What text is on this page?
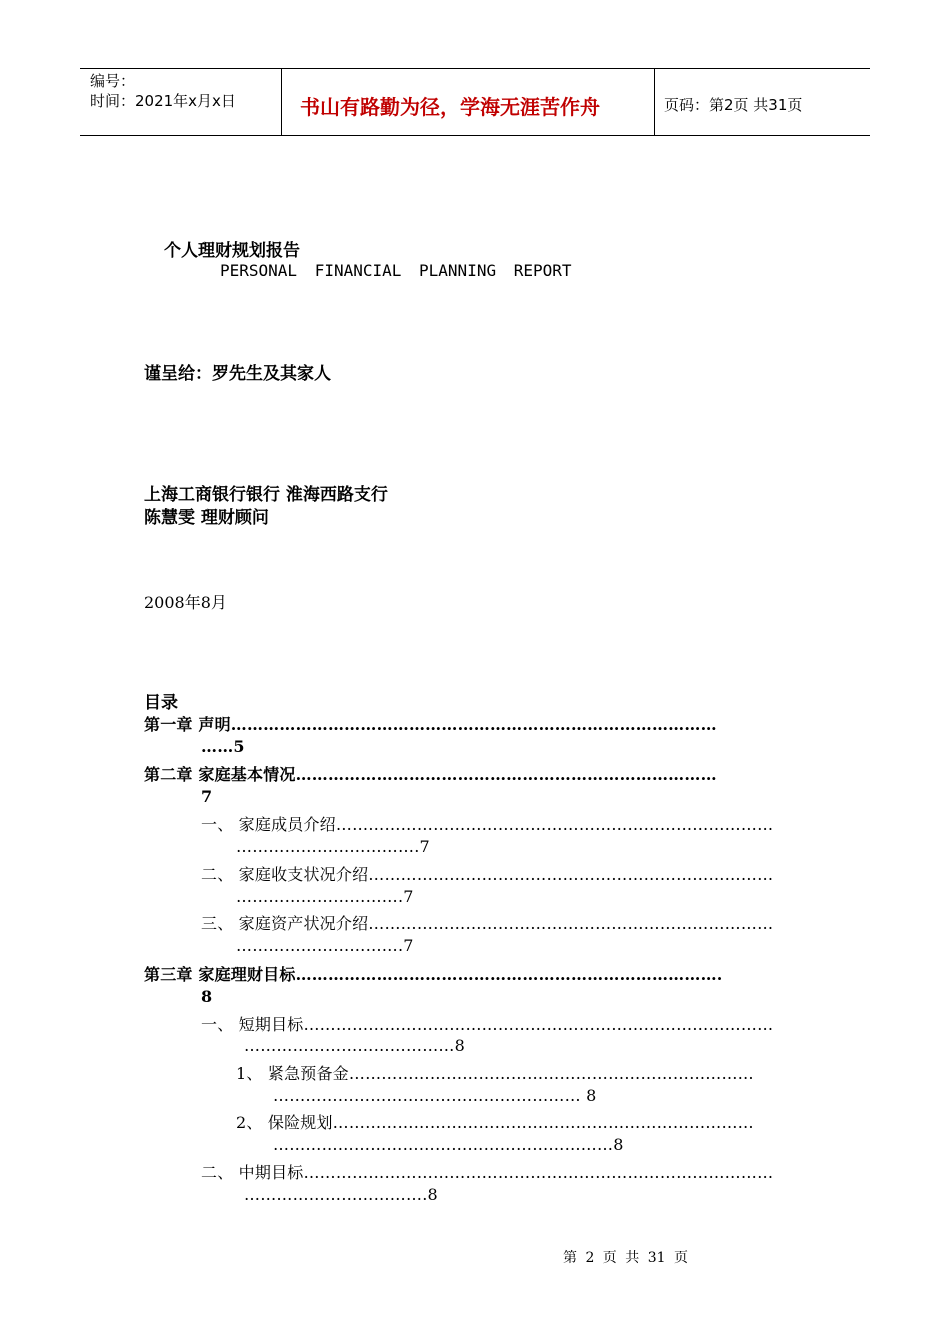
编号：
时间：2021年x月x日	书山有路勤为径，学海无涯苦作舟	页码：第2页 共31页
个人理财规划报告
PERSONAL FINANCIAL PLANNING REPORT
谨呈给：罗先生及其家人
上海工商银行银行 淮海西路支行
陈慧雯 理财顾问
2008年8月
目录
第一章 声明………………………………………………………………………………
……5
第二章 家庭基本情况……………………………………………………………………
7
一、 家庭成员介绍………………………………………………………………………
…………………………….7
二、 家庭收支状况介绍…………………………………………………………………
………………………….7
三、 家庭资产状况介绍…………………………………………………………………
………………………….7
第三章 家庭理财目标…………………………………………………………………….
8
一、 短期目标……………………………………………………………………………
…………………………………8
1、 紧急预备金…………………………………………………………………
………………………………………………… 8
2、 保险规划……………………………………………………………………
………………………………………………………8
二、 中期目标……………………………………………………………………………
…………………………….8
第 2 页 共 31 页
